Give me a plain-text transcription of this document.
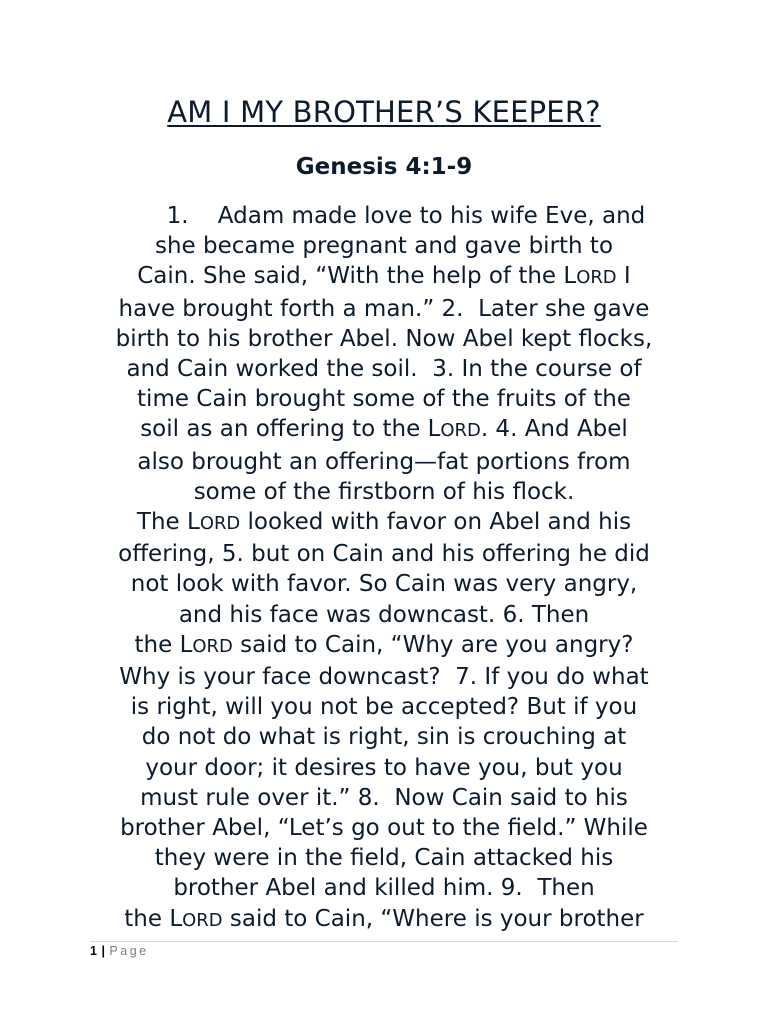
AM I MY BROTHER’S KEEPER?
Genesis 4:1-9
1.    Adam made love to his wife Eve, and
she became pregnant and gave birth to
Cain. She said, “With the help of the LORD I
have brought forth a man.” 2.  Later she gave
birth to his brother Abel. Now Abel kept flocks,
and Cain worked the soil.  3. In the course of
time Cain brought some of the fruits of the
soil as an offering to the LORD. 4. And Abel
also brought an offering—fat portions from
some of the firstborn of his flock.
The LORD looked with favor on Abel and his
offering, 5. but on Cain and his offering he did
not look with favor. So Cain was very angry,
and his face was downcast. 6. Then
the LORD said to Cain, “Why are you angry?
Why is your face downcast?  7. If you do what
is right, will you not be accepted? But if you
do not do what is right, sin is crouching at
your door; it desires to have you, but you
must rule over it.” 8.  Now Cain said to his
brother Abel, “Let’s go out to the field.” While
they were in the field, Cain attacked his
brother Abel and killed him. 9.  Then
the LORD said to Cain, “Where is your brother
1 | Page
